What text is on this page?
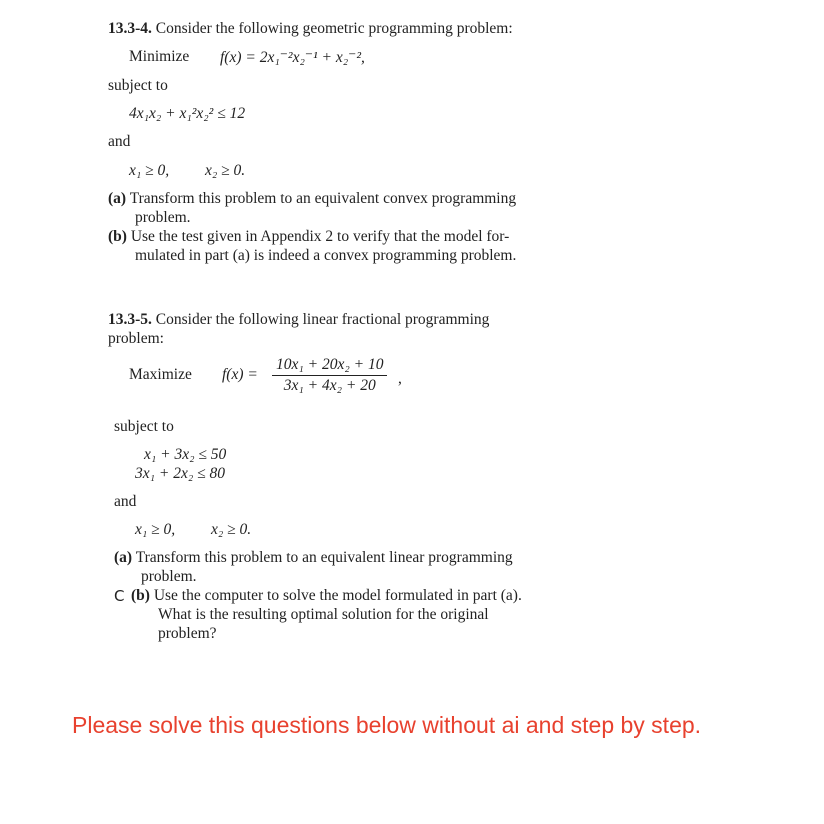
13.3-4. Consider the following geometric programming problem:
Minimize f(x) = 2x₁⁻²x₂⁻¹ + x₂⁻²,
subject to
4x₁x₂ + x₁²x₂² ≤ 12
and
x₁ ≥ 0, x₂ ≥ 0.
(a) Transform this problem to an equivalent convex programming
problem.
(b) Use the test given in Appendix 2 to verify that the model for-
mulated in part (a) is indeed a convex programming problem.
13.3-5. Consider the following linear fractional programming
problem:
Maximize $f(x) = \frac{\text{10x₁ + 20x₂ + 10}}{\text{3x₁ + 4x₂ + 20}}$ ,
subject to
x₁ + 3x₂ ≤ 50
3x₁ + 2x₂ ≤ 80
and
x₁ ≥ 0, x₂ ≥ 0.
(a) Transform this problem to an equivalent linear programming
problem.
C (b) Use the computer to solve the model formulated in part (a).
What is the resulting optimal solution for the original
problem?
Please solve this questions below without ai and step by step.
